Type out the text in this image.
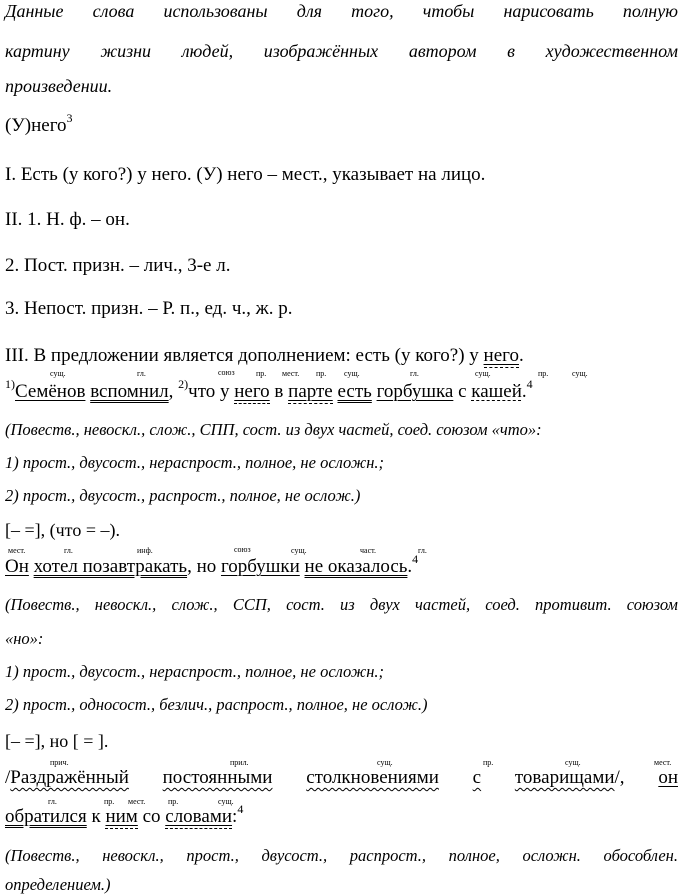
Данные слова использованы для того, чтобы нарисовать полную
картину жизни людей, изображённых автором в художественном
произведении.
(У)него$^3$
I. Есть (у кого?) у него. (У) него – мест., указывает на лицо.
II. 1. Н. ф. – он.
2. Пост. призн. – лич., 3-е л.
3. Непост. призн. – Р. п., ед. ч., ж. р.
III. В предложении является дополнением: есть (у кого?) у него.
сущ.	гл.	союз	пр. мест. пр. сущ.	гл.	сущ.	пр.	сущ.
$^{1)}$Семёнов вспомнил, $^{2)}$что у него в парте есть горбушка с кашей.$^4$
(Повеств., невоскл., слож., СПП, сост. из двух частей, соед. союзом «что»:
1) прост., двусост., нераспрост., полное, не осложн.;
2) прост., двусост., распрост., полное, не ослож.)
[– =], (что = –).
мест.	гл.	инф.	союз	сущ.	част.	гл.
Он хотел позавтракать, но горбушки не оказалось.$^4$
(Повеств., невоскл., слож., ССП, сост. из двух частей, соед. противит. союзом
«но»:
1) прост., двусост., нераспрост., полное, не осложн.;
2) прост., односост., безлич., распрост., полное, не ослож.)
[– =], но [ = ].
прич.	прил.	сущ.	пр.	сущ.	мест.
/Раздражённый постоянными столкновениями с товарищами/, он
гл.	пр. мест.	пр.	сущ.
обратился к ним со словами:$^4$
(Повеств., невоскл., прост., двусост., распрост., полное, осложн. обособлен.
определением.)
